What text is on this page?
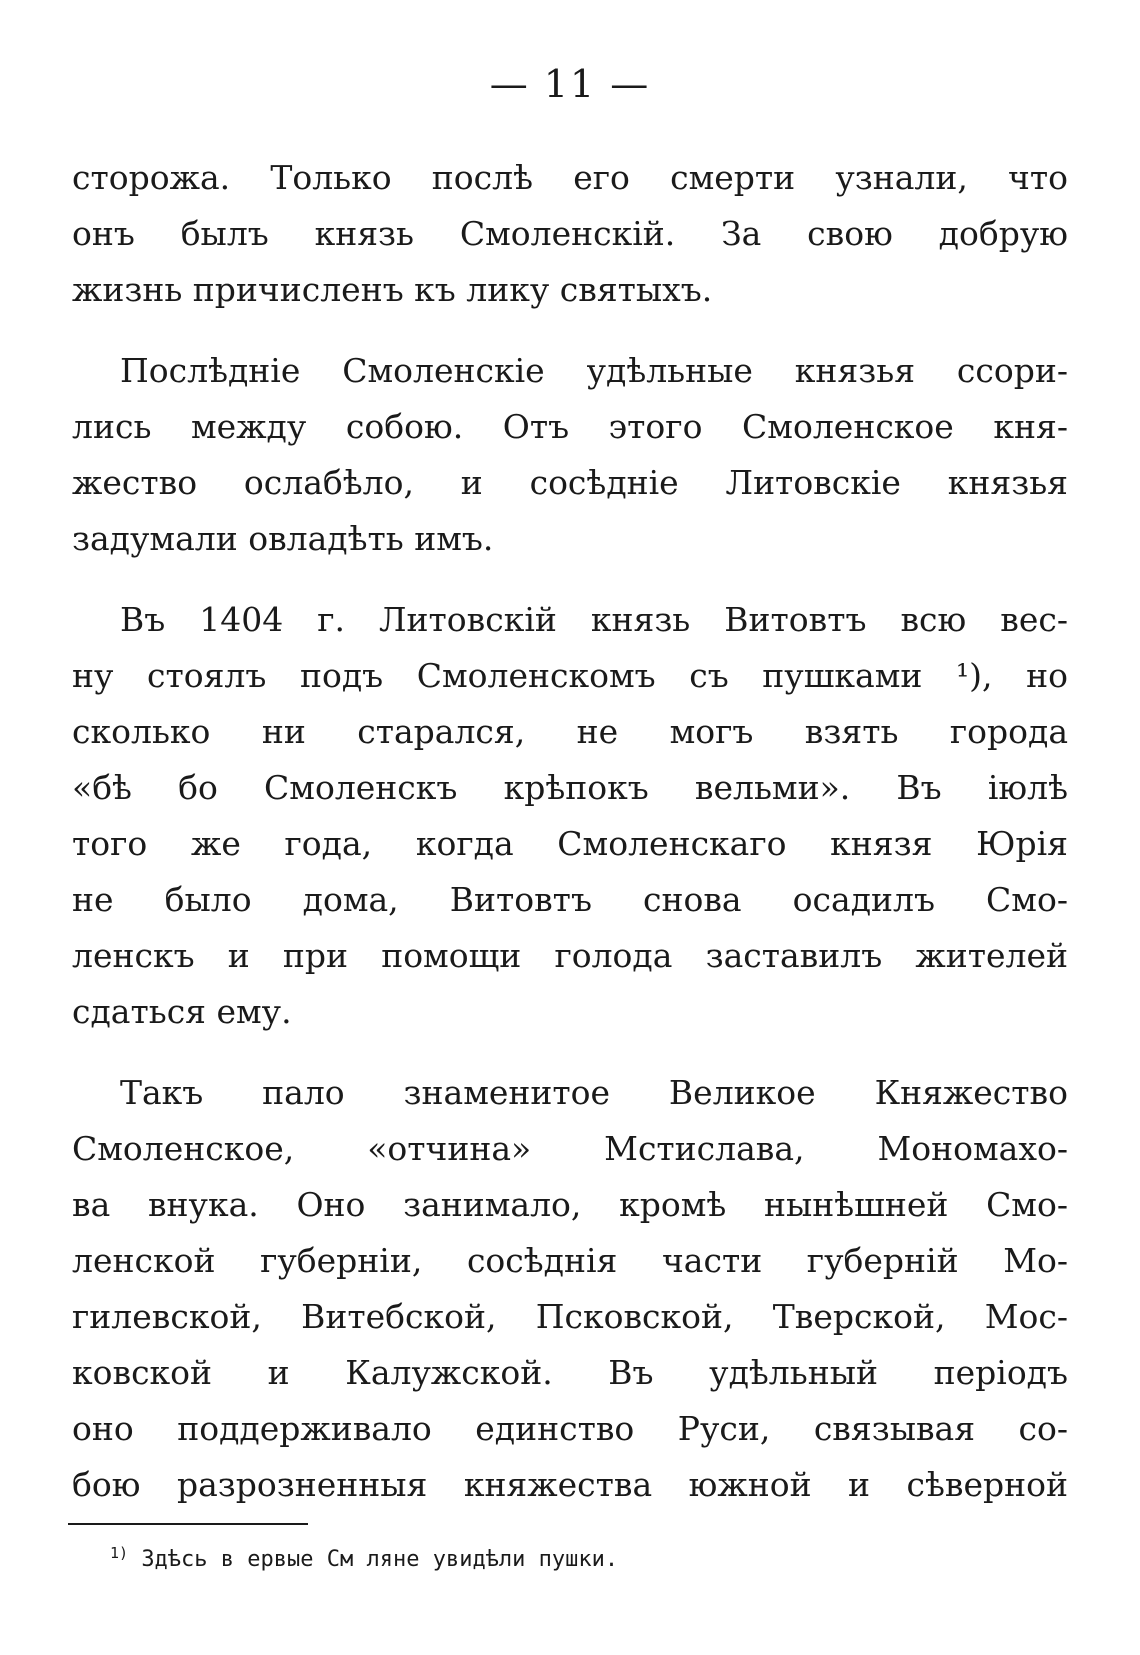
— 11 —

сторожа. Только послѣ его смерти узнали, что
онъ былъ князь Смоленскій. За свою добрую
жизнь причисленъ къ лику святыхъ.

Послѣдніе Смоленскіе удѣльные князья ссори-
лись между собою. Отъ этого Смоленское кня-
жество ослабѣло, и сосѣдніе Литовскіе князья
задумали овладѣть имъ.

Въ 1404 г. Литовскій князь Витовтъ всю вес-
ну стоялъ подъ Смоленскомъ съ пушками ¹), но
сколько ни старался, не могъ взять города
«бѣ бо Смоленскъ крѣпокъ вельми». Въ іюлѣ
того же года, когда Смоленскаго князя Юрія
не было дома, Витовтъ снова осадилъ Смо-
ленскъ и при помощи голода заставилъ жителей
сдаться ему.

Такъ пало знаменитое Великое Княжество
Смоленское, «отчина» Мстислава, Мономахо-
ва внука. Оно занимало, кромѣ нынѣшней Смо-
ленской губерніи, сосѣднія части губерній Мо-
гилевской, Витебской, Псковской, Тверской, Мос-
ковской и Калужской. Въ удѣльный періодъ
оно поддерживало единство Руси, связывая со-
бою разрозненныя княжества южной и сѣверной

$^{1)}$ Здѣсь в ервые См ляне увидѣли пушки.
